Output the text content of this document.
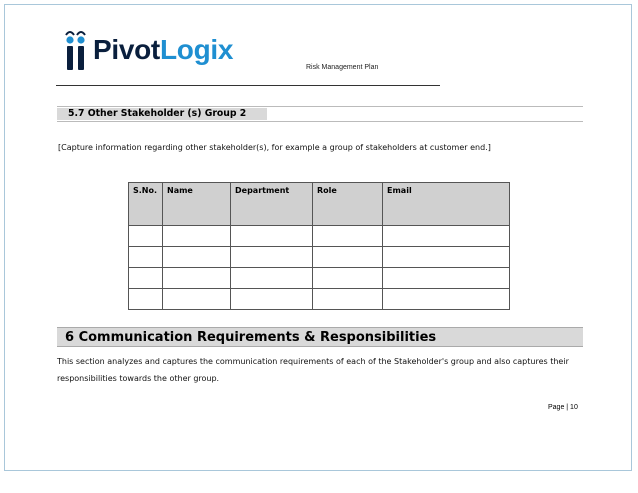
PivotLogix
Risk Management Plan
5.7 Other Stakeholder (s) Group 2
[Capture information regarding other stakeholder(s), for example a group of stakeholders at customer end.]
S.No.	Name	Department	Role	Email

6 Communication Requirements & Responsibilities
This section analyzes and captures the communication requirements of each of the Stakeholder's group and also captures their responsibilities towards the other group.
Page | 10
